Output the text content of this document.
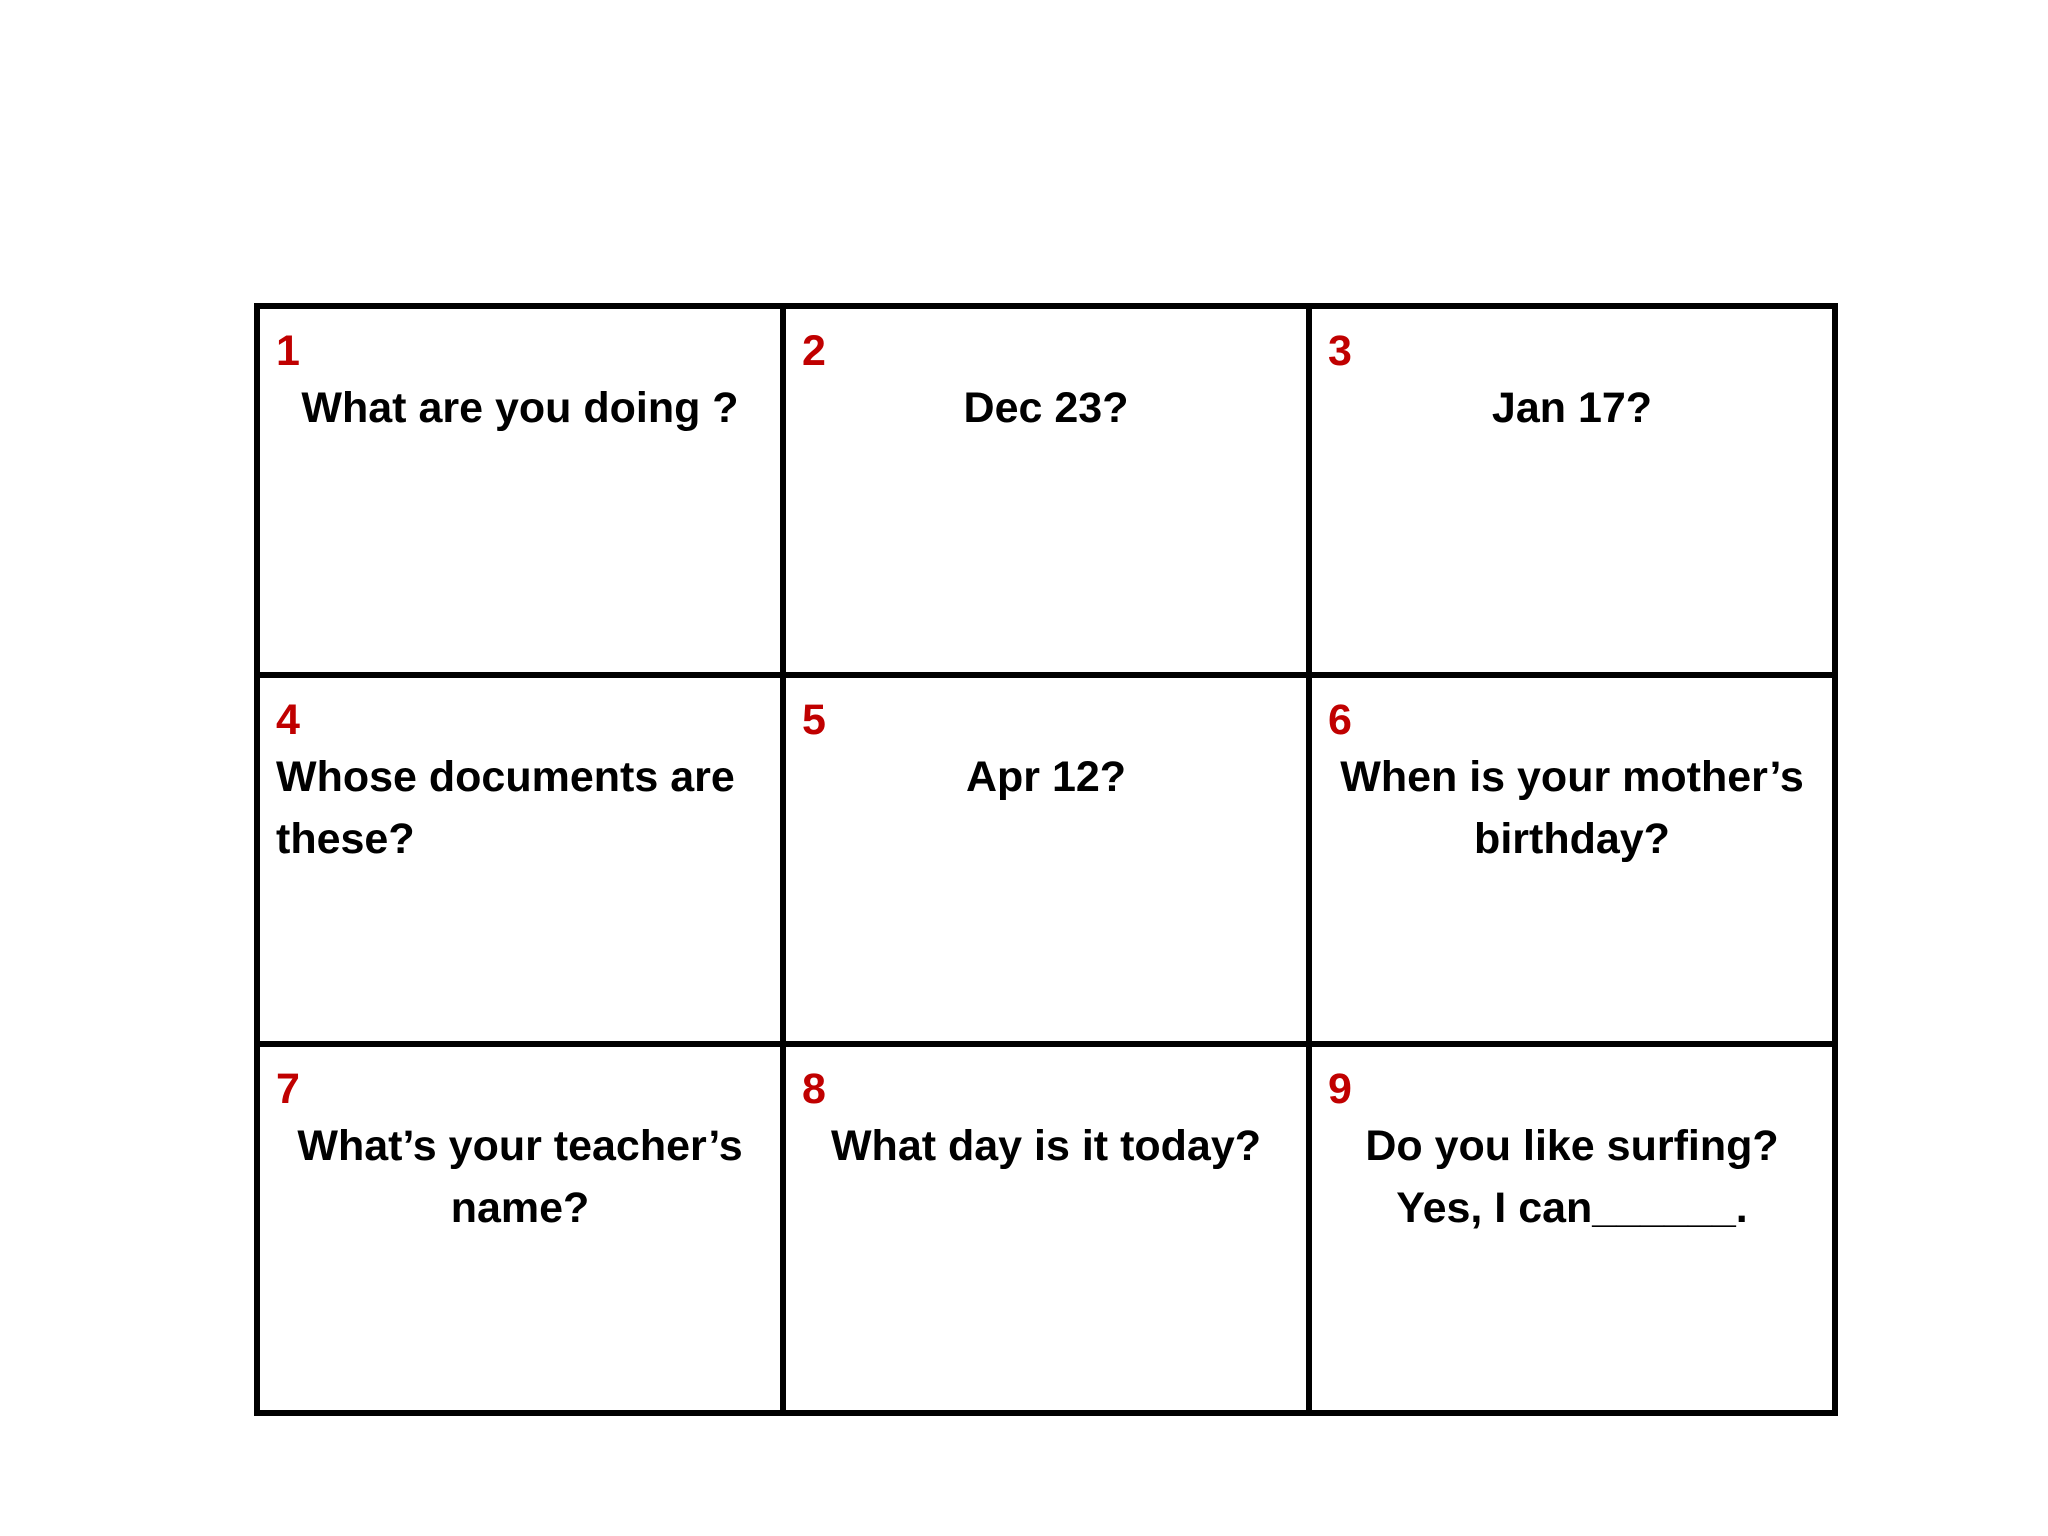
1
What are you doing ?
2
Dec 23?
3
Jan 17?
4
Whose documents are
these?
5
Apr 12?
6
When is your mother’s
birthday?
7
What’s your teacher’s
name?
8
What day is it today?
9
Do you like surfing?
Yes, I can______.
